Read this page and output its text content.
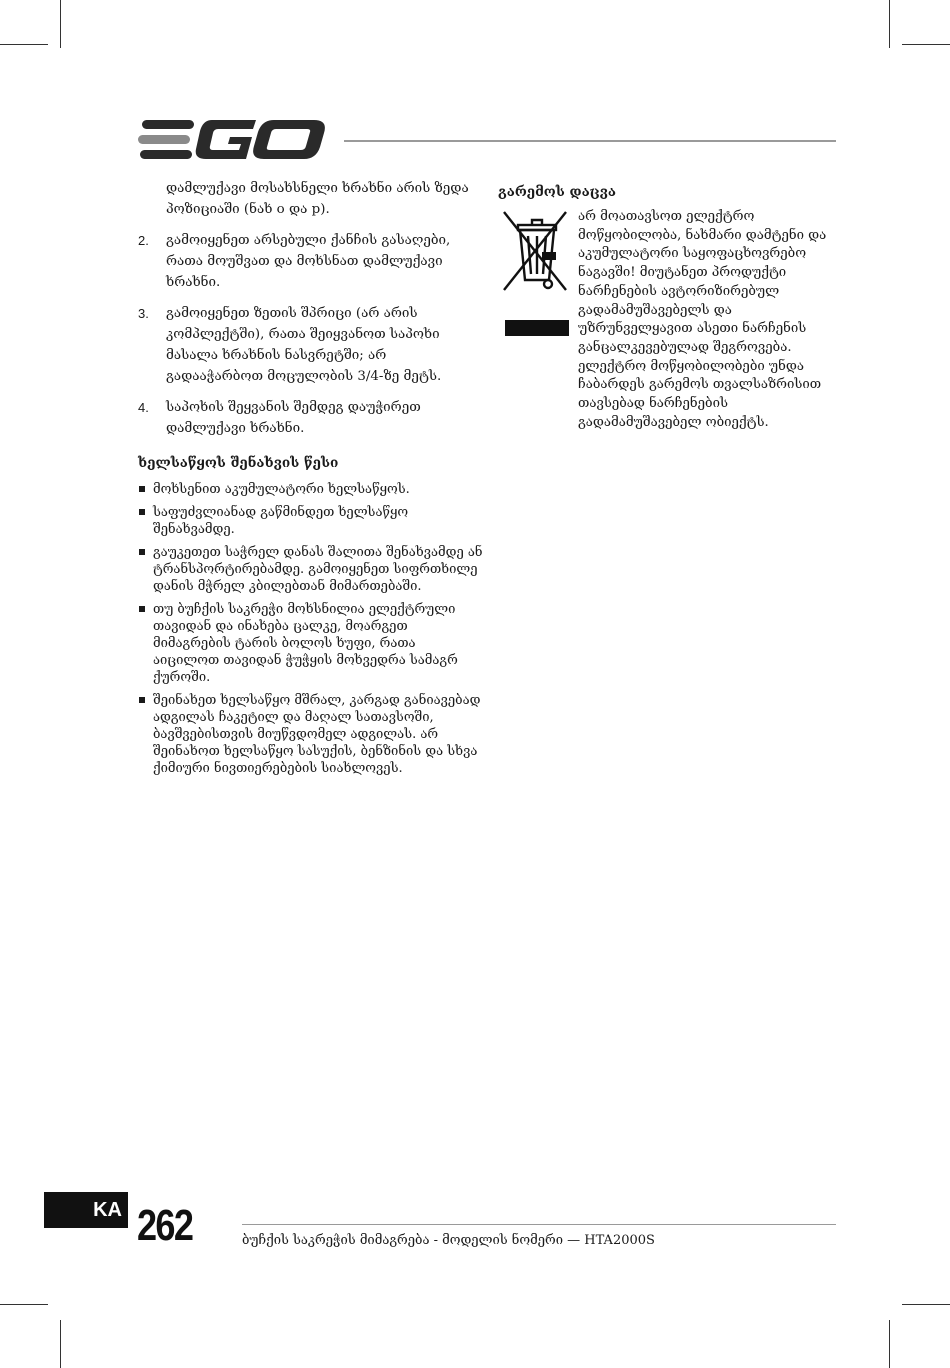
დამლუქავი მოსახსნელი ხრახნი არის ზედა პოზიციაში (ნახ o და p).
2.	გამოიყენეთ არსებული ქანჩის გასაღები, რათა მოუშვათ და მოხსნათ დამლუქავი ხრახნი.
3.	გამოიყენეთ ზეთის შპრიცი (არ არის კომპლექტში), რათა შეიყვანოთ საპოხი მასალა ხრახნის ნასვრეტში; არ გადააჭარბოთ მოცულობის 3/4-ზე მეტს.
4.	საპოხის შეყვანის შემდეგ დაუჭირეთ დამლუქავი ხრახნი.
ხელსაწყოს შენახვის წესი
მოხსენით აკუმულატორი ხელსაწყოს.
საფუძვლიანად გაწმინდეთ ხელსაწყო შენახვამდე.
გაუკეთეთ საჭრელ დანას შალითა შენახვამდე ან ტრანსპორტირებამდე. გამოიყენეთ სიფრთხილე დანის მჭრელ კბილებთან მიმართებაში.
თუ ბუჩქის საკრეჭი მოხსნილია ელექტრული თავიდან და ინახება ცალკე, მოარგეთ მიმაგრების ტარის ბოლოს ხუფი, რათა აიცილოთ თავიდან ჭუჭყის მოხვედრა სამაგრ ქუროში.
შეინახეთ ხელსაწყო მშრალ, კარგად განიავებად ადგილას ჩაკეტილ და მაღალ სათავსოში, ბავშვებისთვის მიუწვდომელ ადგილას. არ შეინახოთ ხელსაწყო სასუქის, ბენზინის და სხვა ქიმიური ნივთიერებების სიახლოვეს.
გარემოს დაცვა
არ მოათავსოთ ელექტრო მოწყობილობა, ნახმარი დამტენი და აკუმულატორი საყოფაცხოვრებო ნაგავში! მიუტანეთ პროდუქტი ნარჩენების ავტორიზირებულ გადამამუშავებელს და უზრუნველყავით ასეთი ნარჩენის განცალკევებულად შეგროვება. ელექტრო მოწყობილობები უნდა ჩაბარდეს გარემოს თვალსაზრისით თავსებად ნარჩენების გადამამუშავებელ ობიექტს.
KA 262	ბუჩქის საკრეჭის მიმაგრება - მოდელის ნომერი — HTA2000S
